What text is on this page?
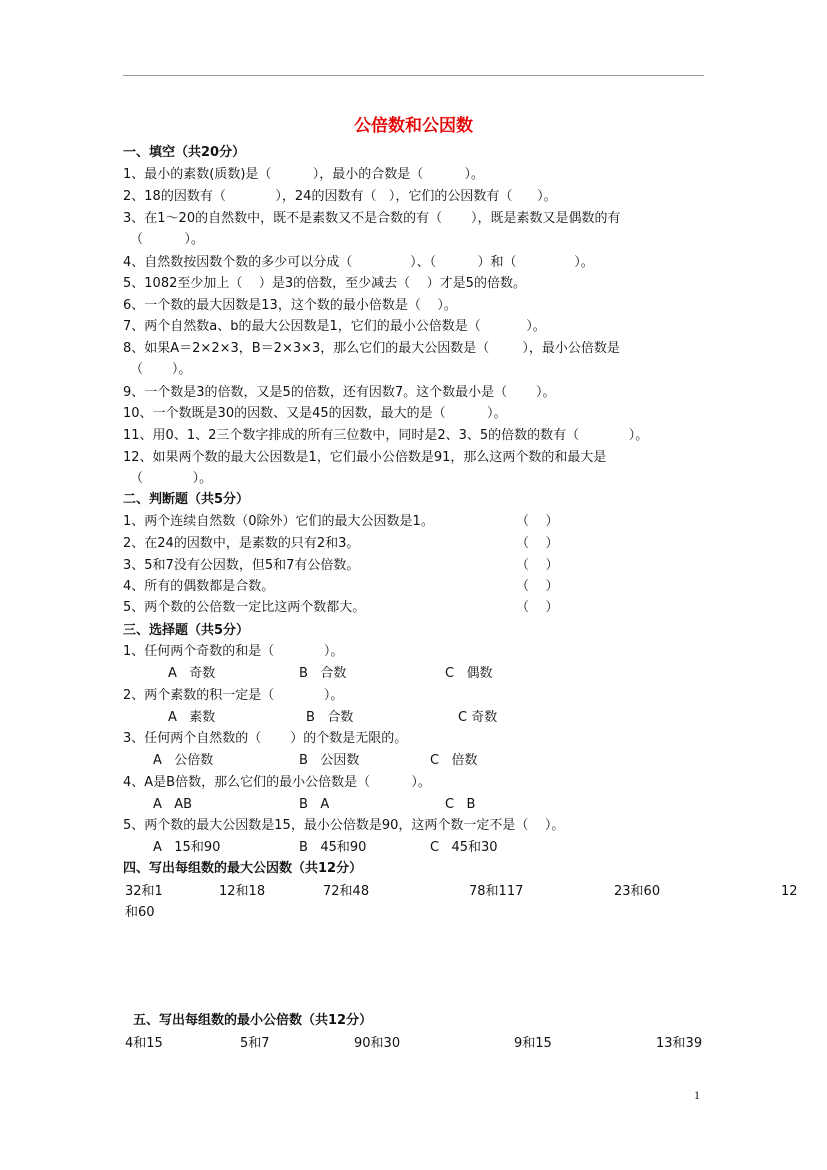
公倍数和公因数
一、填空（共20分）
1、最小的素数(质数)是（          ），最小的合数是（          ）。
2、18的因数有（            ），24的因数有（   ），它们的公因数有（      ）。
3、在1～20的自然数中，既不是素数又不是合数的有（       ），既是素数又是偶数的有
（          ）。
4、自然数按因数个数的多少可以分成（              ）、（          ）和（              ）。
5、1082至少加上（    ）是3的倍数，至少减去（    ）才是5的倍数。
6、一个数的最大因数是13，这个数的最小倍数是（    ）。
7、两个自然数a、b的最大公因数是1，它们的最小公倍数是（           ）。
8、如果A＝2×2×3，B＝2×3×3，那么它们的最大公因数是（        ），最小公倍数是
（       ）。
9、一个数是3的倍数，又是5的倍数，还有因数7。这个数最小是（       ）。
10、一个数既是30的因数、又是45的因数，最大的是（          ）。
11、用0、1、2三个数字排成的所有三位数中，同时是2、3、5的倍数的数有（            ）。
12、如果两个数的最大公因数是1，它们最小公倍数是91，那么这两个数的和最大是
（            ）。
二、判断题（共5分）
1、两个连续自然数（0除外）它们的最大公因数是1。	（    ）
2、在24的因数中，是素数的只有2和3。	（    ）
3、5和7没有公因数，但5和7有公倍数。	（    ）
4、所有的偶数都是合数。	（    ）
5、两个数的公倍数一定比这两个数都大。	（    ）
三、选择题（共5分）
1、任何两个奇数的和是（            ）。
A   奇数	B   合数	C   偶数
2、两个素数的积一定是（            ）。
A   素数	B   合数	C 奇数
3、任何两个自然数的（       ）的个数是无限的。
A   公倍数	B   公因数	C   倍数
4、A是B倍数，那么它们的最小公倍数是（          ）。
A   AB	B   A	C   B
5、两个数的最大公因数是15，最小公倍数是90，这两个数一定不是（    ）。
A   15和90	B   45和90	C   45和30
四、写出每组数的最大公因数（共12分）
32和1	12和18	72和48	78和117	23和60	12
和60
五、写出每组数的最小公倍数（共12分）
4和15	5和7	90和30	9和15	13和39
1
